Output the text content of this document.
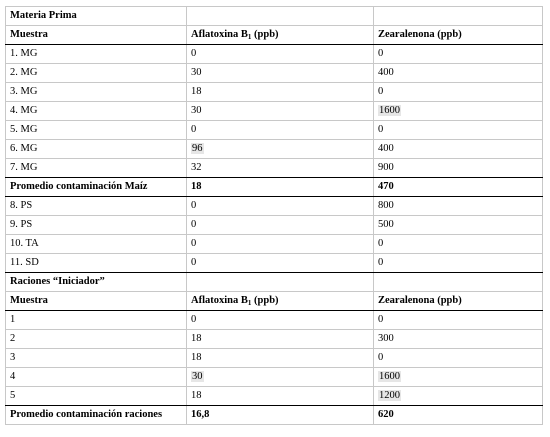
Materia Prima		
Muestra	Aflatoxina $B_1$ (ppb)	Zearalenona (ppb)
1. MG	0	0
2. MG	30	400
3. MG	18	0
4. MG	30	1600
5. MG	0	0
6. MG	96	400
7. MG	32	900
Promedio contaminación Maíz	18	470
8. PS	0	800
9. PS	0	500
10. TA	0	0
11. SD	0	0
Raciones “Iniciador”		
Muestra	Aflatoxina $B_1$ (ppb)	Zearalenona (ppb)
1	0	0
2	18	300
3	18	0
4	30	1600
5	18	1200
Promedio contaminación raciones	16,8	620
